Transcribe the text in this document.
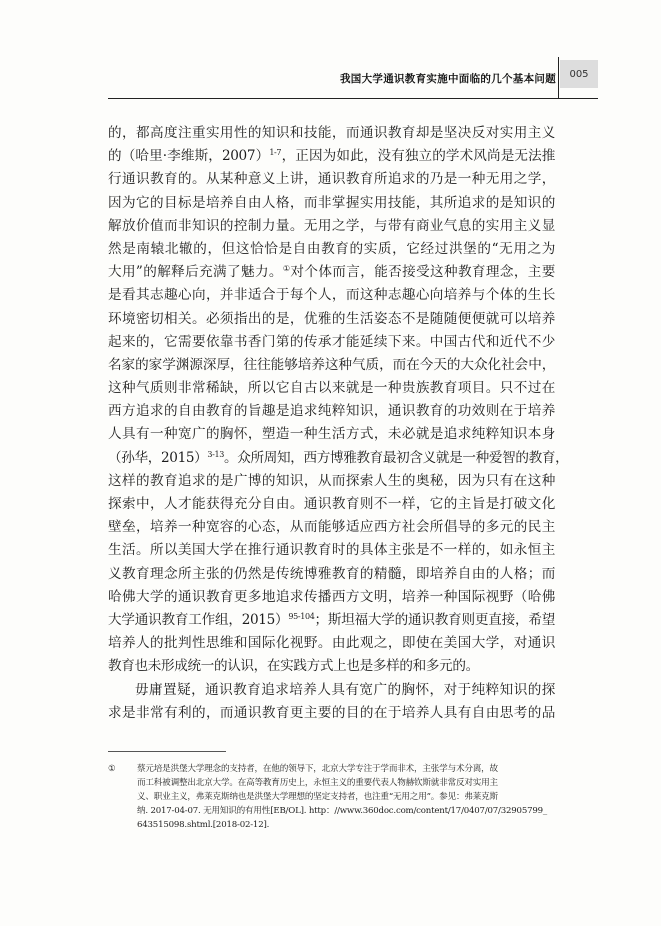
我国大学通识教育实施中面临的几个基本问题	005
的，都高度注重实用性的知识和技能，而通识教育却是坚决反对实用主义
的（哈里·李维斯，2007）$^{1-7}$，正因为如此，没有独立的学术风尚是无法推
行通识教育的。从某种意义上讲，通识教育所追求的乃是一种无用之学，
因为它的目标是培养自由人格，而非掌握实用技能，其所追求的是知识的
解放价值而非知识的控制力量。无用之学，与带有商业气息的实用主义显
然是南辕北辙的，但这恰恰是自由教育的实质，它经过洪堡的“无用之为
大用”的解释后充满了魅力。①对个体而言，能否接受这种教育理念，主要
是看其志趣心向，并非适合于每个人，而这种志趣心向培养与个体的生长
环境密切相关。必须指出的是，优雅的生活姿态不是随随便便就可以培养
起来的，它需要依靠书香门第的传承才能延续下来。中国古代和近代不少
名家的家学渊源深厚，往往能够培养这种气质，而在今天的大众化社会中，
这种气质则非常稀缺，所以它自古以来就是一种贵族教育项目。只不过在
西方追求的自由教育的旨趣是追求纯粹知识，通识教育的功效则在于培养
人具有一种宽广的胸怀，塑造一种生活方式，未必就是追求纯粹知识本身
（孙华，2015）$^{3-13}$。众所周知，西方博雅教育最初含义就是一种爱智的教育，
这样的教育追求的是广博的知识，从而探索人生的奥秘，因为只有在这种
探索中，人才能获得充分自由。通识教育则不一样，它的主旨是打破文化
壁垒，培养一种宽容的心态，从而能够适应西方社会所倡导的多元的民主
生活。所以美国大学在推行通识教育时的具体主张是不一样的，如永恒主
义教育理念所主张的仍然是传统博雅教育的精髓，即培养自由的人格；而
哈佛大学的通识教育更多地追求传播西方文明，培养一种国际视野（哈佛
大学通识教育工作组，2015）$^{95-104}$；斯坦福大学的通识教育则更直接，希望
培养人的批判性思维和国际化视野。由此观之，即使在美国大学，对通识
教育也未形成统一的认识，在实践方式上也是多样的和多元的。
毋庸置疑，通识教育追求培养人具有宽广的胸怀，对于纯粹知识的探
求是非常有利的，而通识教育更主要的目的在于培养人具有自由思考的品
① 蔡元培是洪堡大学理念的支持者，在他的领导下，北京大学专注于学而非术，主张学与术分离，故
而工科被调整出北京大学。在高等教育历史上，永恒主义的重要代表人物赫钦斯就非常反对实用主
义、职业主义，弗莱克斯纳也是洪堡大学理想的坚定支持者，也注重“无用之用”。参见：弗莱克斯
纳. 2017-04-07. 无用知识的有用性[EB/OL]. http：//www.360doc.com/content/17/0407/07/32905799_
643515098.shtml.[2018-02-12].
